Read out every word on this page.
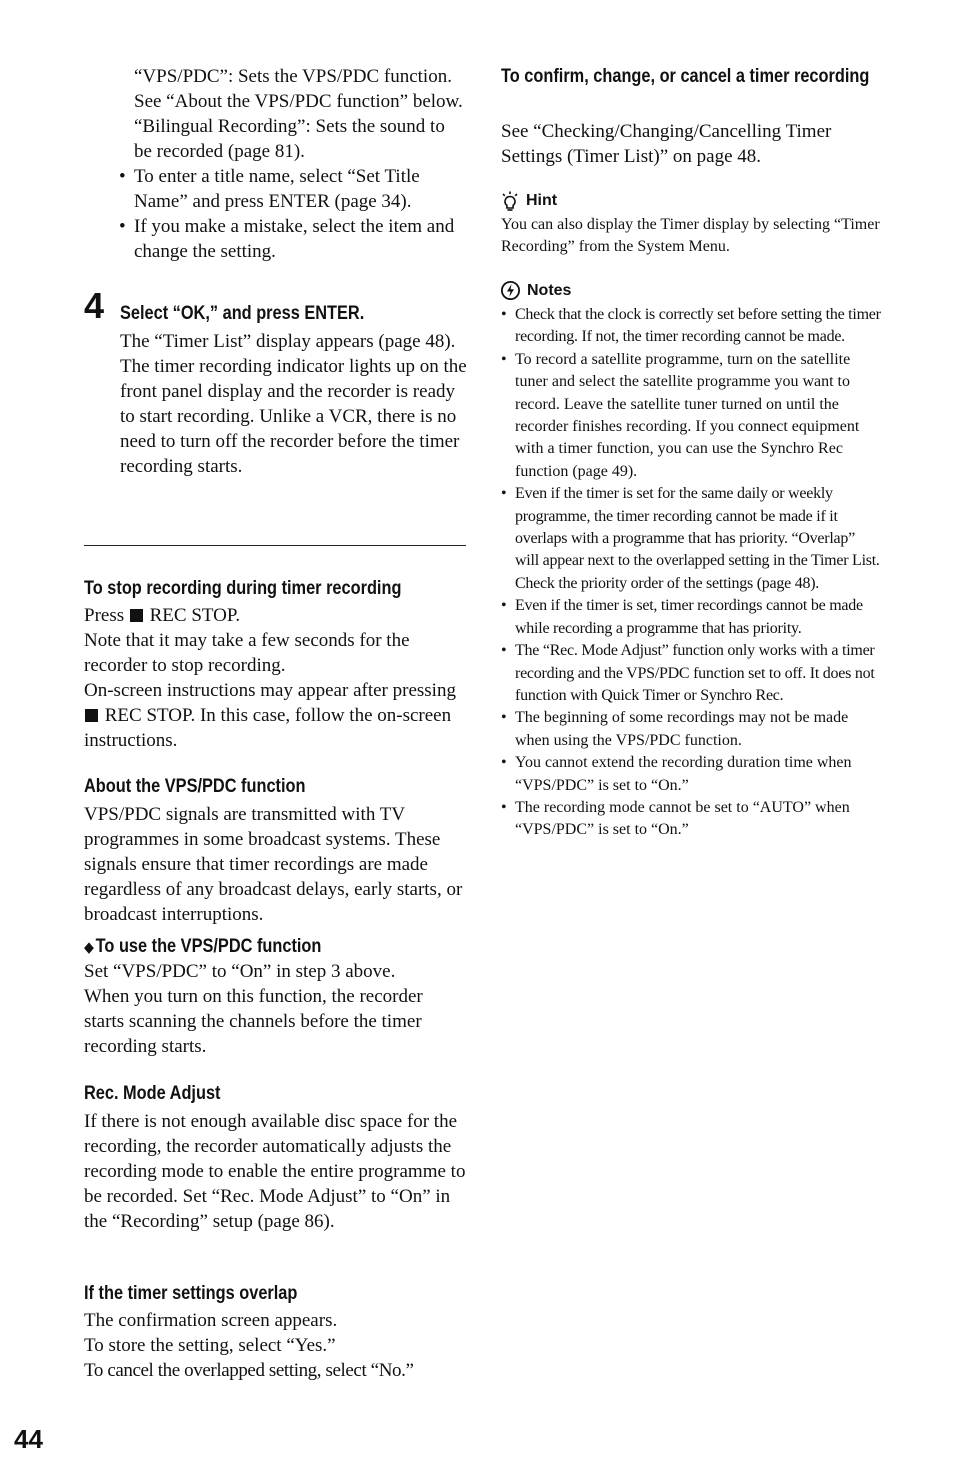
“VPS/PDC”: Sets the VPS/PDC function. See “About the VPS/PDC function” below.

“Bilingual Recording”: Sets the sound to be recorded (page 81).

• To enter a title name, select “Set Title Name” and press ENTER (page 34).

• If you make a mistake, select the item and change the setting.

4 Select “OK,” and press ENTER.

The “Timer List” display appears (page 48).

The timer recording indicator lights up on the front panel display and the recorder is ready to start recording. Unlike a VCR, there is no need to turn off the recorder before the timer recording starts.

To stop recording during timer recording

Press REC STOP.

Note that it may take a few seconds for the recorder to stop recording.

On-screen instructions may appear after pressing  REC STOP. In this case, follow the on-screen instructions.

About the VPS/PDC function
VPS/PDC signals are transmitted with TV programmes in some broadcast systems. These signals ensure that timer recordings are made regardless of any broadcast delays, early starts, or broadcast interruptions.
◆To use the VPS/PDC function

Set “VPS/PDC” to “On” in step 3 above.

When you turn on this function, the recorder starts scanning the channels before the timer recording starts.

Rec. Mode Adjust
If there is not enough available disc space for the recording, the recorder automatically adjusts the recording mode to enable the entire programme to be recorded. Set “Rec. Mode Adjust” to “On” in the “Recording” setup (page 86).
If the timer settings overlap

The confirmation screen appears.

To store the setting, select “Yes.”

To cancel the overlapped setting, select “No.”

To confirm, change, or cancel a timer recording
See “Checking/Changing/Cancelling Timer Settings (Timer List)” on page 48.
Hint

You can also display the Timer display by selecting “Timer Recording” from the System Menu.

Notes

• Check that the clock is correctly set before setting the timer recording. If not, the timer recording cannot be made.

• To record a satellite programme, turn on the satellite tuner and select the satellite programme you want to record. Leave the satellite tuner turned on until the recorder finishes recording. If you connect equipment with a timer function, you can use the Synchro Rec function (page 49).

• Even if the timer is set for the same daily or weekly programme, the timer recording cannot be made if it overlaps with a programme that has priority. “Overlap” will appear next to the overlapped setting in the Timer List. Check the priority order of the settings (page 48).

• Even if the timer is set, timer recordings cannot be made while recording a programme that has priority.

• The “Rec. Mode Adjust” function only works with a timer recording and the VPS/PDC function set to off. It does not function with Quick Timer or Synchro Rec.

• The beginning of some recordings may not be made when using the VPS/PDC function.

• You cannot extend the recording duration time when “VPS/PDC” is set to “On.”

• The recording mode cannot be set to “AUTO” when “VPS/PDC” is set to “On.”

44
